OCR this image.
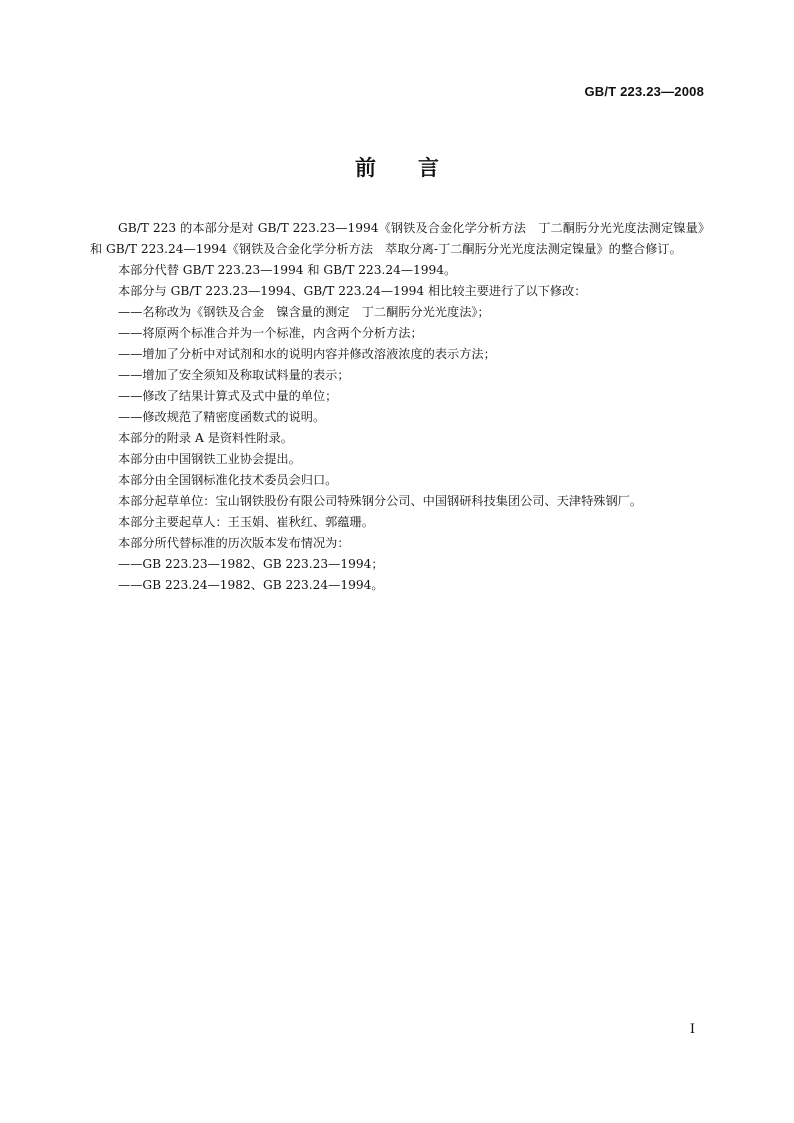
GB/T 223.23—2008
前 言

GB/T 223 的本部分是对 GB/T 223.23—1994《钢铁及合金化学分析方法　丁二酮肟分光光度法测定镍量》和 GB/T 223.24—1994《钢铁及合金化学分析方法　萃取分离-丁二酮肟分光光度法测定镍量》的整合修订。

本部分代替 GB/T 223.23—1994 和 GB/T 223.24—1994。

本部分与 GB/T 223.23—1994、GB/T 223.24—1994 相比较主要进行了以下修改：

——名称改为《钢铁及合金　镍含量的测定　丁二酮肟分光光度法》；

——将原两个标准合并为一个标准，内含两个分析方法；

——增加了分析中对试剂和水的说明内容并修改溶液浓度的表示方法；

——增加了安全须知及称取试料量的表示；

——修改了结果计算式及式中量的单位；

——修改规范了精密度函数式的说明。

本部分的附录 A 是资料性附录。

本部分由中国钢铁工业协会提出。

本部分由全国钢标准化技术委员会归口。

本部分起草单位：宝山钢铁股份有限公司特殊钢分公司、中国钢研科技集团公司、天津特殊钢厂。

本部分主要起草人：王玉娟、崔秋红、郭蕴珊。

本部分所代替标准的历次版本发布情况为：

——GB 223.23—1982、GB 223.23—1994；

——GB 223.24—1982、GB 223.24—1994。

I
